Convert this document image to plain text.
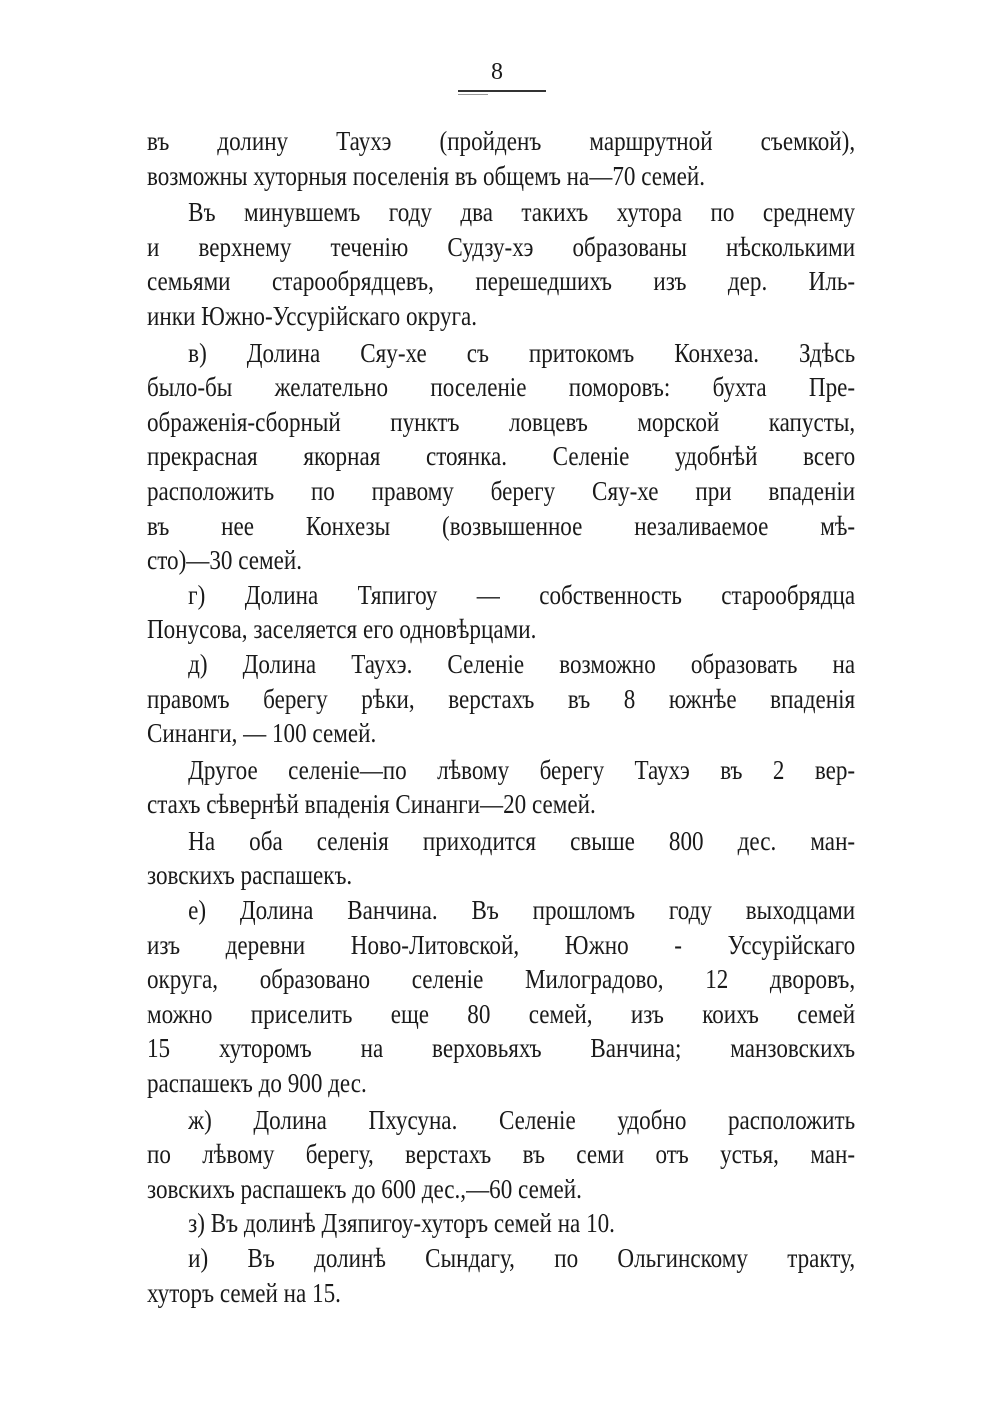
8
въ долину Таухэ (пройденъ маршрутной съемкой),
возможны хуторныя поселенія въ общемъ на—70 семей.
Въ минувшемъ году два такихъ хутора по среднему
и верхнему теченію Судзу-хэ образованы нѣсколькими
семьями старообрядцевъ, перешедшихъ изъ дер. Иль-
инки Южно-Уссурійскаго округа.
в) Долина Сяу-хе съ притокомъ Конхеза. Здѣсь
было-бы желательно поселеніе поморовъ: бухта Пре-
ображенія-сборный пунктъ ловцевъ морской капусты,
прекрасная якорная стоянка. Селеніе удобнѣй всего
расположить по правому берегу Сяу-хе при впаденіи
въ нее Конхезы (возвышенное незаливаемое мѣ-
сто)—30 семей.
г) Долина Тяпигоу — собственность старообрядца
Понусова, заселяется его одновѣрцами.
д) Долина Таухэ. Селеніе возможно образовать на
правомъ берегу рѣки, верстахъ въ 8 южнѣе впаденія
Синанги, — 100 семей.
Другое селеніе—по лѣвому берегу Таухэ въ 2 вер-
стахъ сѣвернѣй впаденія Синанги—20 семей.
На оба селенія приходится свыше 800 дес. ман-
зовскихъ распашекъ.
е) Долина Ванчина. Въ прошломъ году выходцами
изъ деревни Ново-Литовской, Южно - Уссурійскаго
округа, образовано селеніе Милоградово, 12 дворовъ,
можно приселить еще 80 семей, изъ коихъ семей
15 хуторомъ на верховьяхъ Ванчина; манзовскихъ
распашекъ до 900 дес.
ж) Долина Пхусуна. Селеніе удобно расположить
по лѣвому берегу, верстахъ въ семи отъ устья, ман-
зовскихъ распашекъ до 600 дес.,—60 семей.
з) Въ долинѣ Дзяпигоу-хуторъ семей на 10.
и) Въ долинѣ Сындагу, по Ольгинскому тракту,
хуторъ семей на 15.
